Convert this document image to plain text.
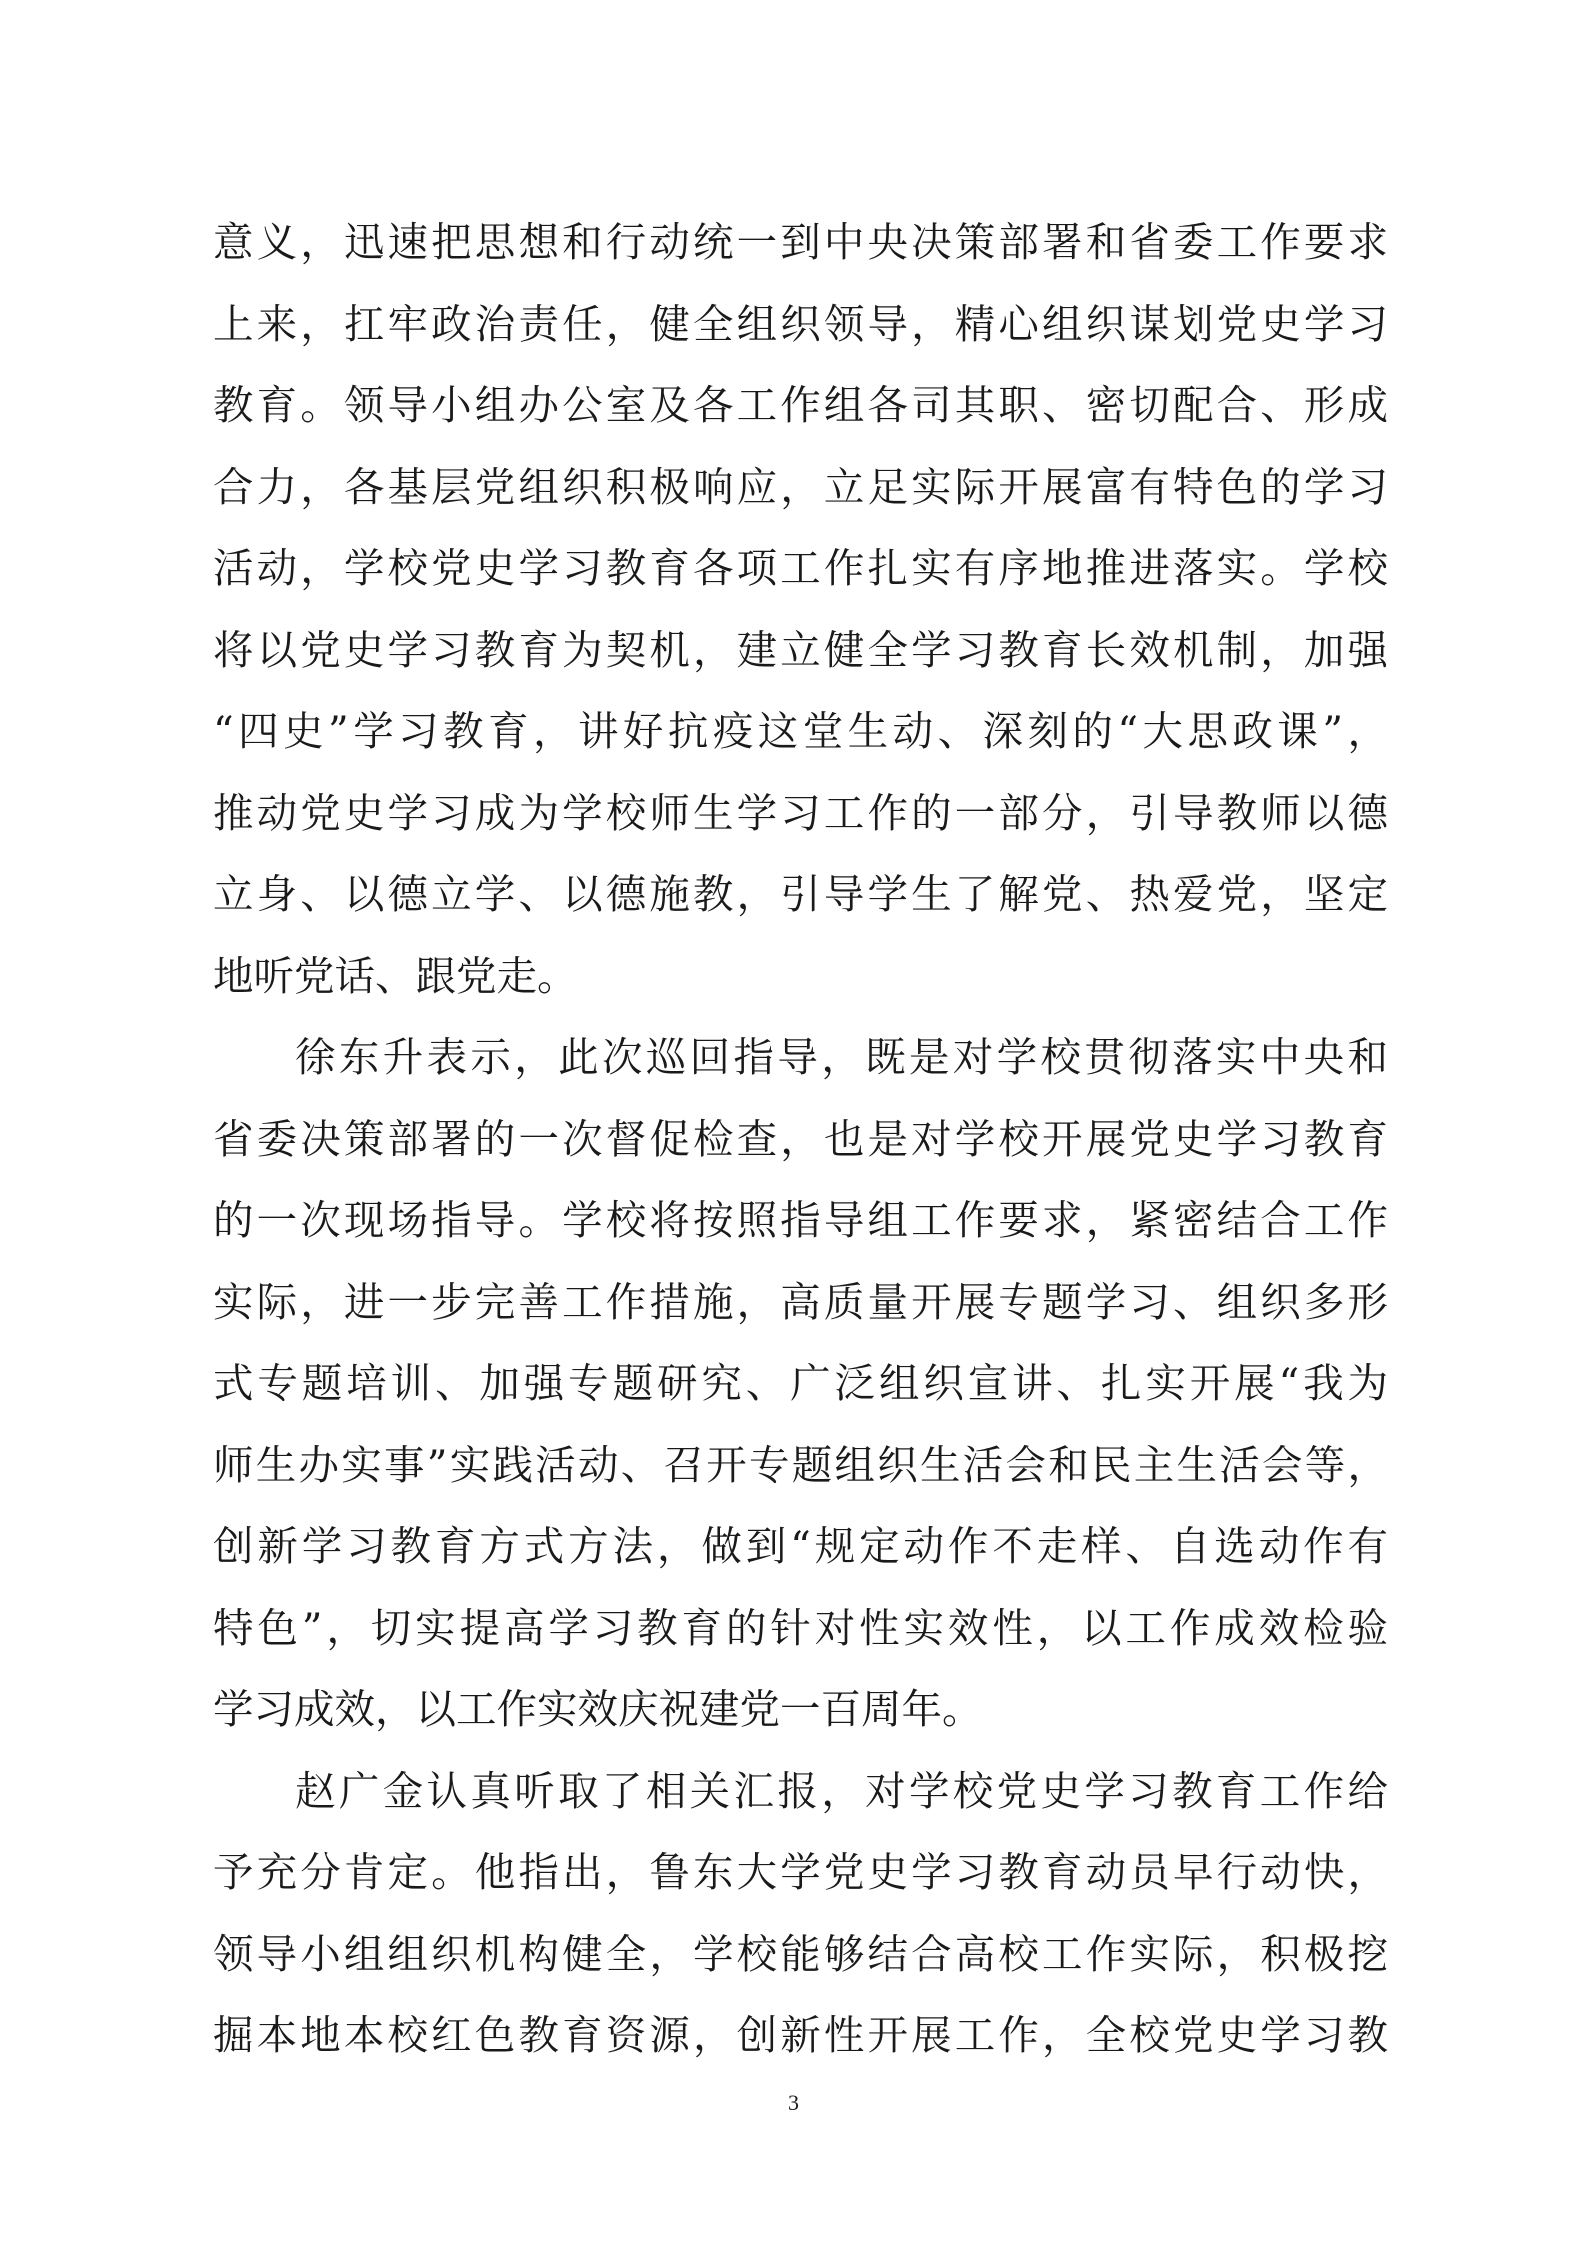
意义，迅速把思想和行动统一到中央决策部署和省委工作要求
上来，扛牢政治责任，健全组织领导，精心组织谋划党史学习
教育。领导小组办公室及各工作组各司其职、密切配合、形成
合力，各基层党组织积极响应，立足实际开展富有特色的学习
活动，学校党史学习教育各项工作扎实有序地推进落实。学校
将以党史学习教育为契机，建立健全学习教育长效机制，加强
“四史”学习教育，讲好抗疫这堂生动、深刻的“大思政课”，
推动党史学习成为学校师生学习工作的一部分，引导教师以德
立身、以德立学、以德施教，引导学生了解党、热爱党，坚定
地听党话、跟党走。
徐东升表示，此次巡回指导，既是对学校贯彻落实中央和
省委决策部署的一次督促检查，也是对学校开展党史学习教育
的一次现场指导。学校将按照指导组工作要求，紧密结合工作
实际，进一步完善工作措施，高质量开展专题学习、组织多形
式专题培训、加强专题研究、广泛组织宣讲、扎实开展“我为
师生办实事”实践活动、召开专题组织生活会和民主生活会等，
创新学习教育方式方法，做到“规定动作不走样、自选动作有
特色”，切实提高学习教育的针对性实效性，以工作成效检验
学习成效，以工作实效庆祝建党一百周年。
赵广金认真听取了相关汇报，对学校党史学习教育工作给
予充分肯定。他指出，鲁东大学党史学习教育动员早行动快，
领导小组组织机构健全，学校能够结合高校工作实际，积极挖
掘本地本校红色教育资源，创新性开展工作，全校党史学习教
3
